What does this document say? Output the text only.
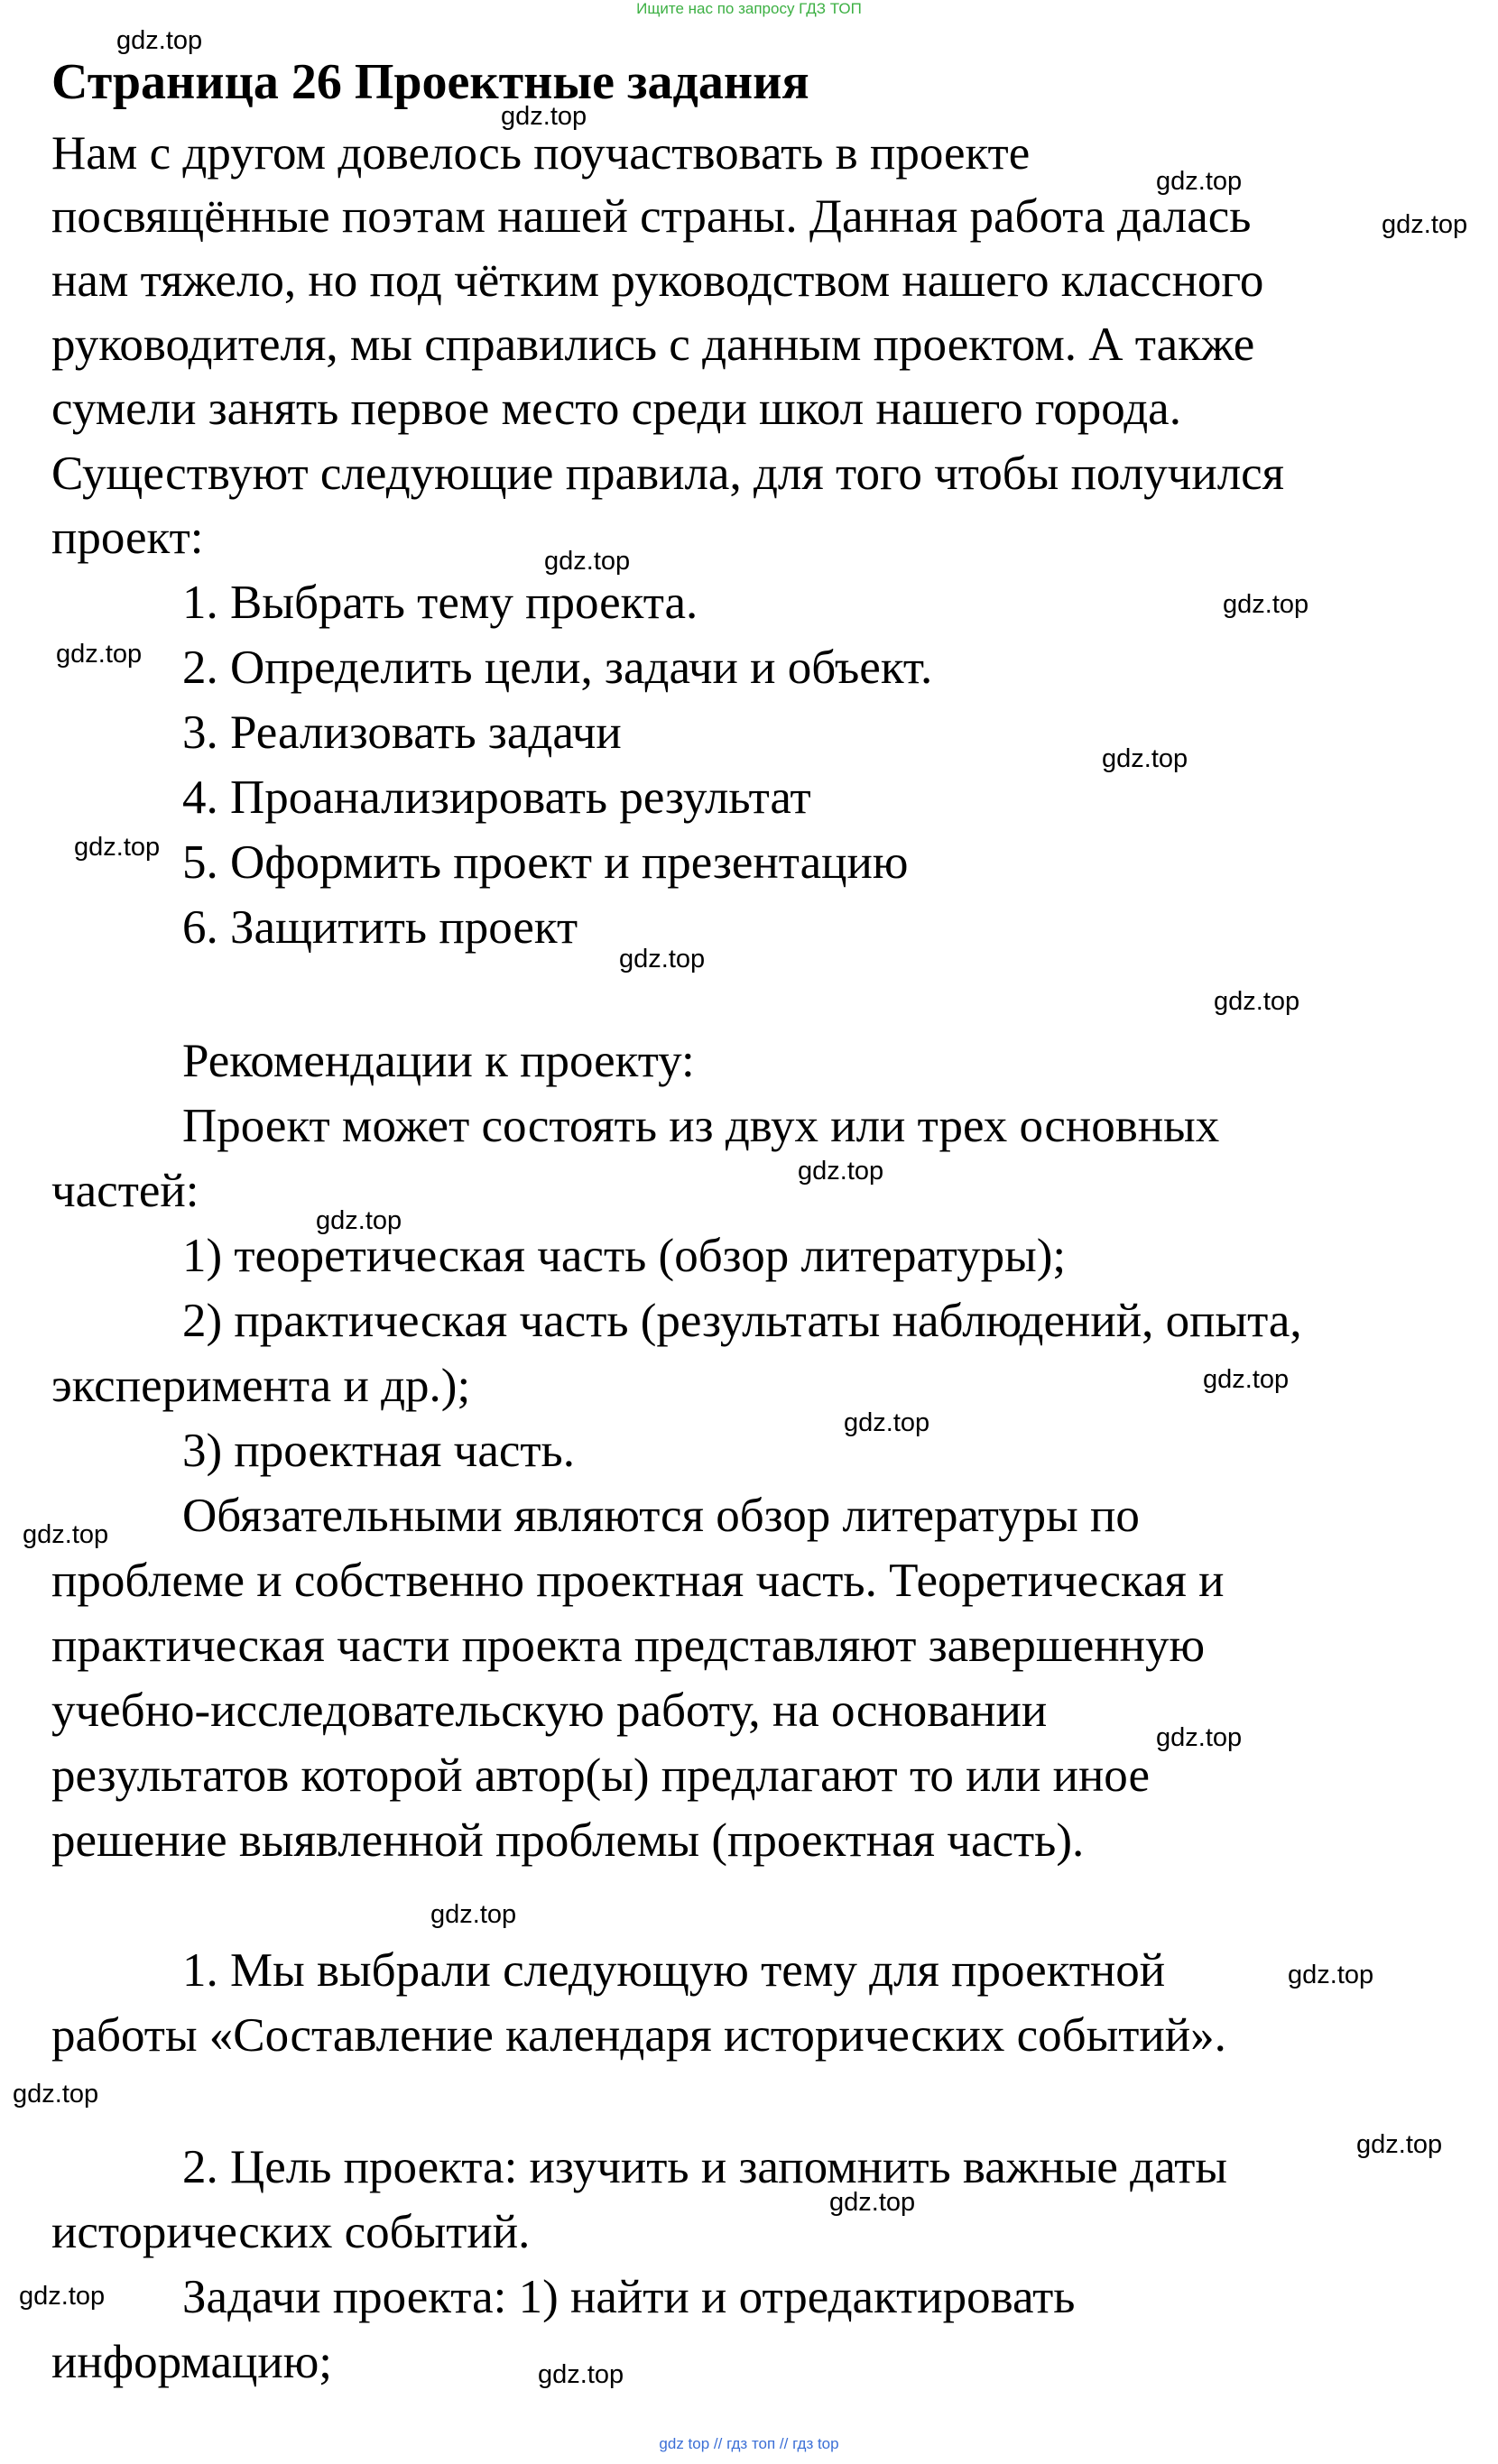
Ищите нас по запросу ГДЗ ТОП
Страница 26 Проектные задания
Нам с другом довелось поучаствовать в проекте
посвящённые поэтам нашей страны. Данная работа далась
нам тяжело, но под чётким руководством нашего классного
руководителя, мы справились с данным проектом. А также
сумели занять первое место среди школ нашего города.
Существуют следующие правила, для того чтобы получился
проект:
1. Выбрать тему проекта.
2. Определить цели, задачи и объект.
3. Реализовать задачи
4. Проанализировать результат
5. Оформить проект и презентацию
6. Защитить проект
Рекомендации к проекту:
Проект может состоять из двух или трех основных
частей:
1) теоретическая часть (обзор литературы);
2) практическая часть (результаты наблюдений, опыта,
эксперимента и др.);
3) проектная часть.
Обязательными являются обзор литературы по
проблеме и собственно проектная часть. Теоретическая и
практическая части проекта представляют завершенную
учебно-исследовательскую работу, на основании
результатов которой автор(ы) предлагают то или иное
решение выявленной проблемы (проектная часть).
1. Мы выбрали следующую тему для проектной
работы «Составление календаря исторических событий».
2. Цель проекта: изучить и запомнить важные даты
исторических событий.
Задачи проекта: 1) найти и отредактировать
информацию;
gdz.top
gdz.top
gdz.top
gdz.top
gdz.top
gdz.top
gdz.top
gdz.top
gdz.top
gdz.top
gdz.top
gdz.top
gdz.top
gdz.top
gdz.top
gdz.top
gdz.top
gdz.top
gdz.top
gdz.top
gdz.top
gdz.top
gdz.top
gdz.top
gdz top // гдз топ // гдз top
